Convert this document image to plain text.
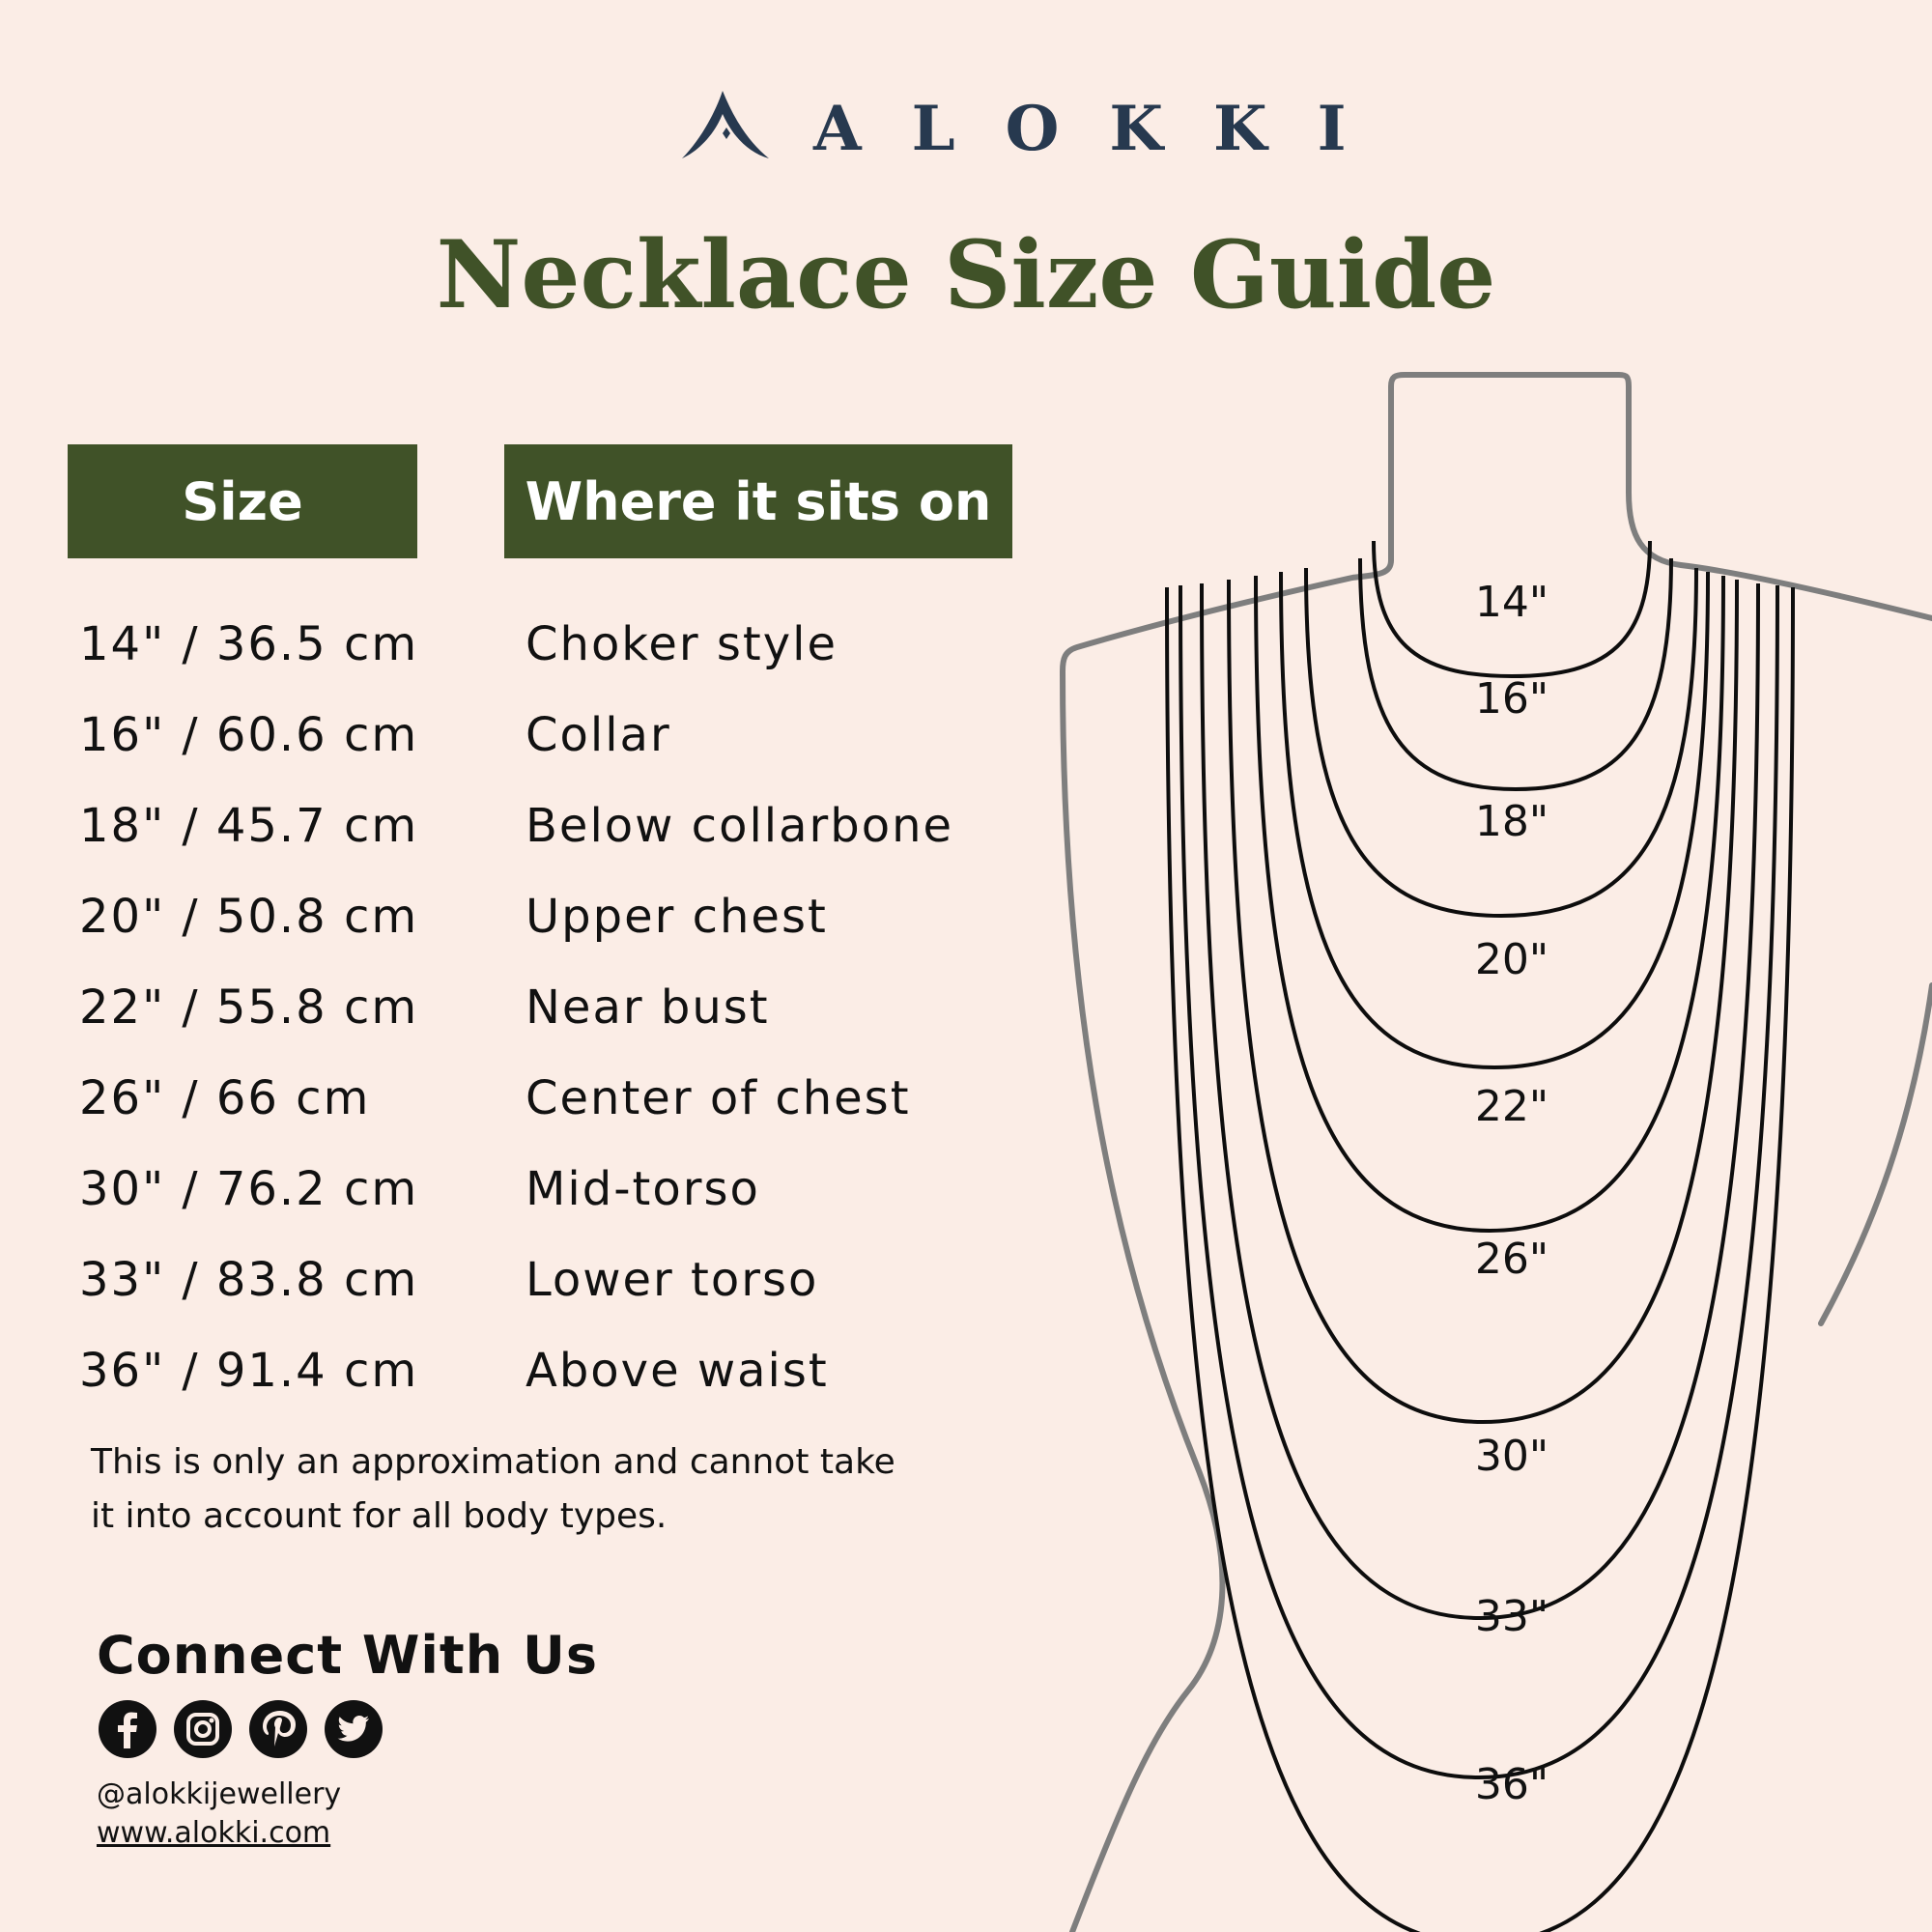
ALOKKI
Necklace Size Guide
Size	Where it sits on
14" / 36.5 cm	Choker style
16" / 60.6 cm	Collar
18" / 45.7 cm	Below collarbone
20" / 50.8 cm	Upper chest
22" / 55.8 cm	Near bust
26" / 66 cm	Center of chest
30" / 76.2 cm	Mid-torso
33" / 83.8 cm	Lower torso
36" / 91.4 cm	Above waist
This is only an approximation and cannot take it into account for all body types.
Connect With Us
@alokkijewellery
www.alokki.com
14"
16"
18"
20"
22"
26"
30"
33"
36"
